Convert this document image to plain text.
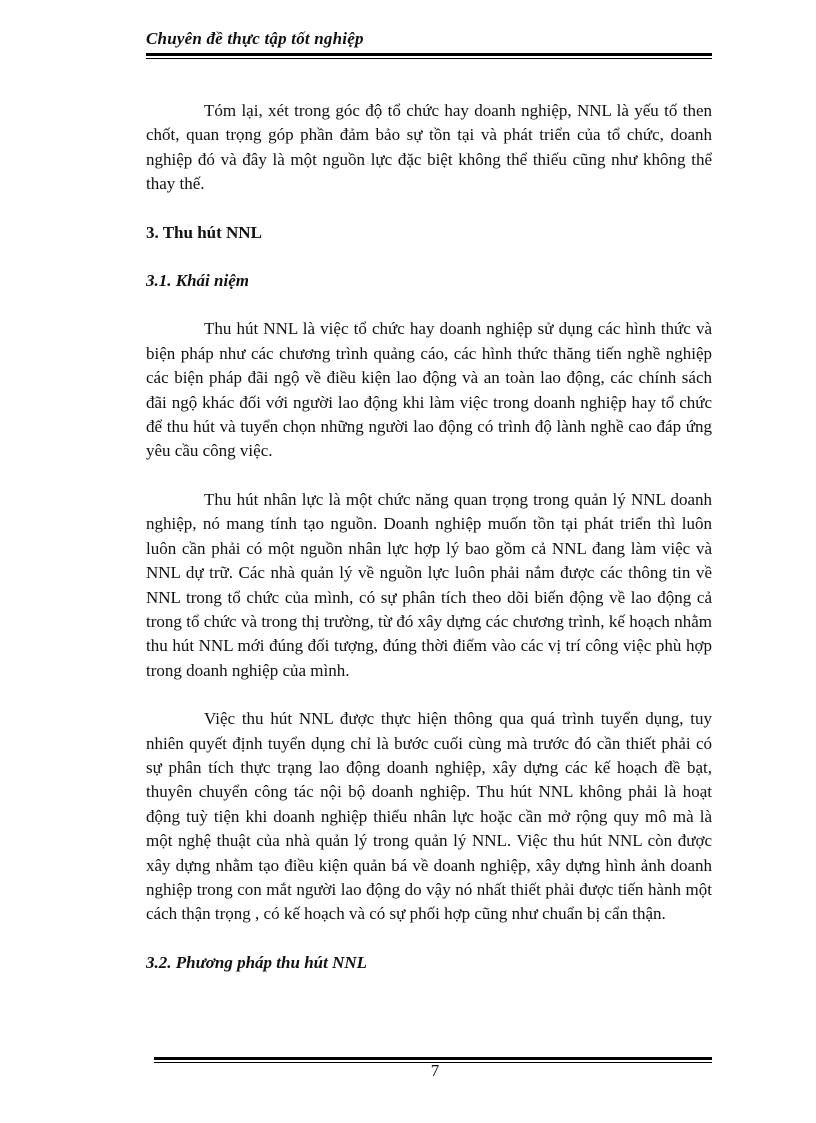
Chuyên đề thực tập tốt nghiệp

Tóm lại, xét trong góc độ tổ chức hay doanh nghiệp, NNL là yếu tố then chốt, quan trọng góp phần đảm bảo sự tồn tại và phát triển của tổ chức, doanh nghiệp đó và đây là một nguồn lực đặc biệt không thể thiếu cũng như không thể thay thế.

3. Thu hút NNL

3.1. Khái niệm

Thu hút NNL là việc tổ chức hay doanh nghiệp sử dụng các hình thức và biện pháp như các chương trình quảng cáo, các hình thức thăng tiến nghề nghiệp các biện pháp đãi ngộ về điều kiện lao động và an toàn lao động, các chính sách đãi ngộ khác đối với người lao động khi làm việc trong doanh nghiệp hay tổ chức để thu hút và tuyển chọn những người lao động có trình độ lành nghề cao đáp ứng yêu cầu công việc.

Thu hút nhân lực là một chức năng quan trọng trong quản lý NNL doanh nghiệp, nó mang tính tạo nguồn. Doanh nghiệp muốn tồn tại phát triển thì luôn luôn cần phải có một nguồn nhân lực hợp lý bao gồm cả NNL đang làm việc và NNL dự trữ. Các nhà quản lý về nguồn lực luôn phải nắm được các thông tin về NNL trong tổ chức của mình, có sự phân tích theo dõi biến động về lao động cả trong tổ chức và trong thị trường, từ đó xây dựng các chương trình, kế hoạch nhằm thu hút NNL mới đúng đối tượng, đúng thời điểm vào các vị trí công việc phù hợp trong doanh nghiệp của mình.

Việc thu hút NNL được thực hiện thông qua quá trình tuyển dụng, tuy nhiên quyết định tuyển dụng chỉ là bước cuối cùng mà trước đó cần thiết phải có sự phân tích thực trạng lao động doanh nghiệp, xây dựng các kế hoạch đề bạt, thuyên chuyển công tác nội bộ doanh nghiệp. Thu hút NNL không phải là hoạt động tuỳ tiện khi doanh nghiệp thiếu nhân lực hoặc cần mở rộng quy mô mà là một nghệ thuật của nhà quản lý trong quản lý NNL. Việc thu hút NNL còn được xây dựng nhằm tạo điều kiện quản bá về doanh nghiệp, xây dựng hình ảnh doanh nghiệp trong con mắt người lao động do vậy nó nhất thiết phải được tiến hành một cách thận trọng , có kế hoạch và có sự phối hợp cũng như chuẩn bị cẩn thận.

3.2. Phương pháp thu hút NNL

7
